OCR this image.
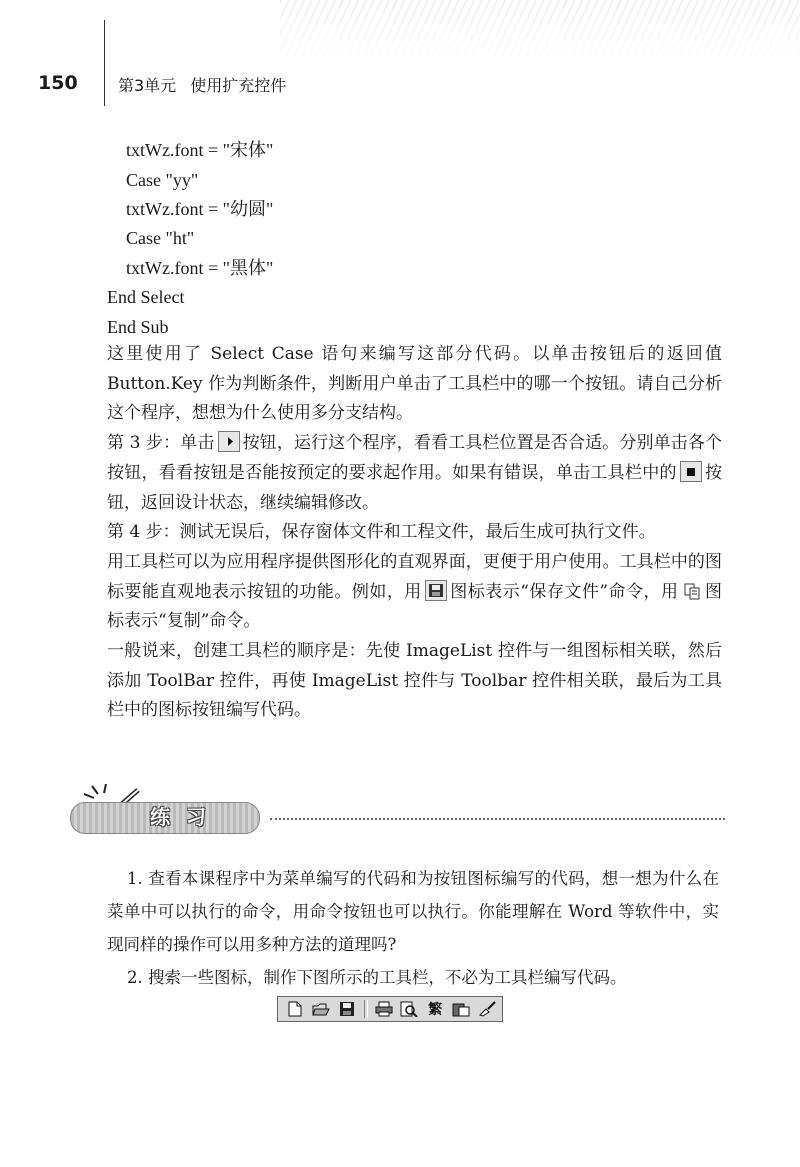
150	第3单元 使用扩充控件
txtWz.font = "宋体"
Case "yy"
txtWz.font = "幼圆"
Case "ht"
txtWz.font = "黑体"
End Select
End Sub

这里使用了 Select Case 语句来编写这部分代码。以单击按钮后的返回值 Button.Key 作为判断条件，判断用户单击了工具栏中的哪一个按钮。请自己分析这个程序，想想为什么使用多分支结构。

第 3 步：单击 按钮，运行这个程序，看看工具栏位置是否合适。分别单击各个按钮，看看按钮是否能按预定的要求起作用。如果有错误，单击工具栏中的 按钮，返回设计状态，继续编辑修改。

第 4 步：测试无误后，保存窗体文件和工程文件，最后生成可执行文件。

用工具栏可以为应用程序提供图形化的直观界面，更便于用户使用。工具栏中的图标要能直观地表示按钮的功能。例如，用 图标表示“保存文件”命令，用 图标表示“复制”命令。

一般说来，创建工具栏的顺序是：先使 ImageList 控件与一组图标相关联，然后添加 ToolBar 控件，再使 ImageList 控件与 Toolbar 控件相关联，最后为工具栏中的图标按钮编写代码。

练习

1. 查看本课程序中为菜单编写的代码和为按钮图标编写的代码，想一想为什么在菜单中可以执行的命令，用命令按钮也可以执行。你能理解在 Word 等软件中，实现同样的操作可以用多种方法的道理吗?

2. 搜索一些图标，制作下图所示的工具栏，不必为工具栏编写代码。

繁
